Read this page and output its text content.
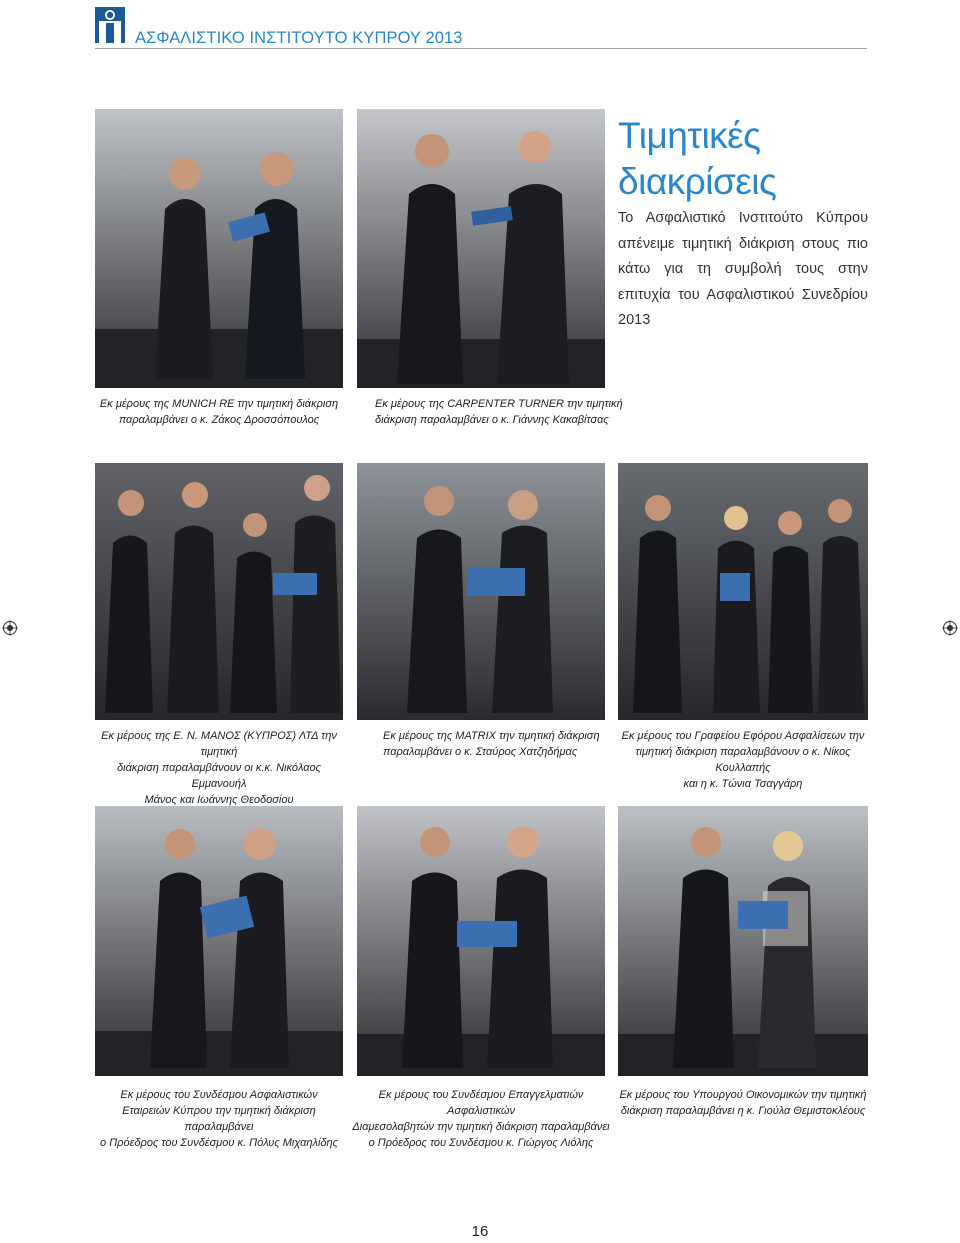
ΑΣΦΑΛΙΣΤΙΚΟ ΙΝΣΤΙΤΟΥΤΟ ΚΥΠΡΟΥ 2013
Τιμητικές
διακρίσεις
Το Ασφαλιστικό Ινστιτούτο Κύπρου απένειμε τιμητική διάκριση στους πιο κάτω για τη συμβολή τους στην επιτυχία του Ασφαλιστικού Συνεδρίου 2013
Εκ μέρους της MUNICH RE την τιμητική διάκριση
παραλαμβάνει ο κ. Ζάκος Δροσσόπουλος
Εκ μέρους της CARPENTER TURNER την τιμητική
διάκριση παραλαμβάνει ο κ. Γιάννης Κακαβίτσας
Εκ μέρους της Ε. Ν. ΜΑΝΟΣ (ΚΥΠΡΟΣ) ΛΤΔ την τιμητική
διάκριση παραλαμβάνουν οι κ.κ. Νικόλαος Εμμανουήλ
Μάνος και Ιωάννης Θεοδοσίου
Εκ μέρους της MATRIX την τιμητική διάκριση
παραλαμβάνει ο κ. Σταύρος Χατζηδήμας
Εκ μέρους του Γραφείου Εφόρου Ασφαλίσεων την
τιμητική διάκριση παραλαμβάνουν ο κ. Νίκος Κουλλαπής
και η κ. Τώνια Τσαγγάρη
Εκ μέρους του Συνδέσμου Ασφαλιστικών
Εταιρειών Κύπρου την τιμητική διάκριση παραλαμβάνει
ο Πρόεδρος του Συνδέσμου κ. Πόλυς Μιχαηλίδης
Εκ μέρους του Συνδέσμου Επαγγελματιών Ασφαλιστικών
Διαμεσολαβητών την τιμητική διάκριση παραλαμβάνει
ο Πρόεδρος του Συνδέσμου κ. Γιώργος Λιόλης
Εκ μέρους του Υπουργού Οικονομικών την τιμητική
διάκριση παραλαμβάνει η κ. Γιούλα Θεμιστοκλέους
16
